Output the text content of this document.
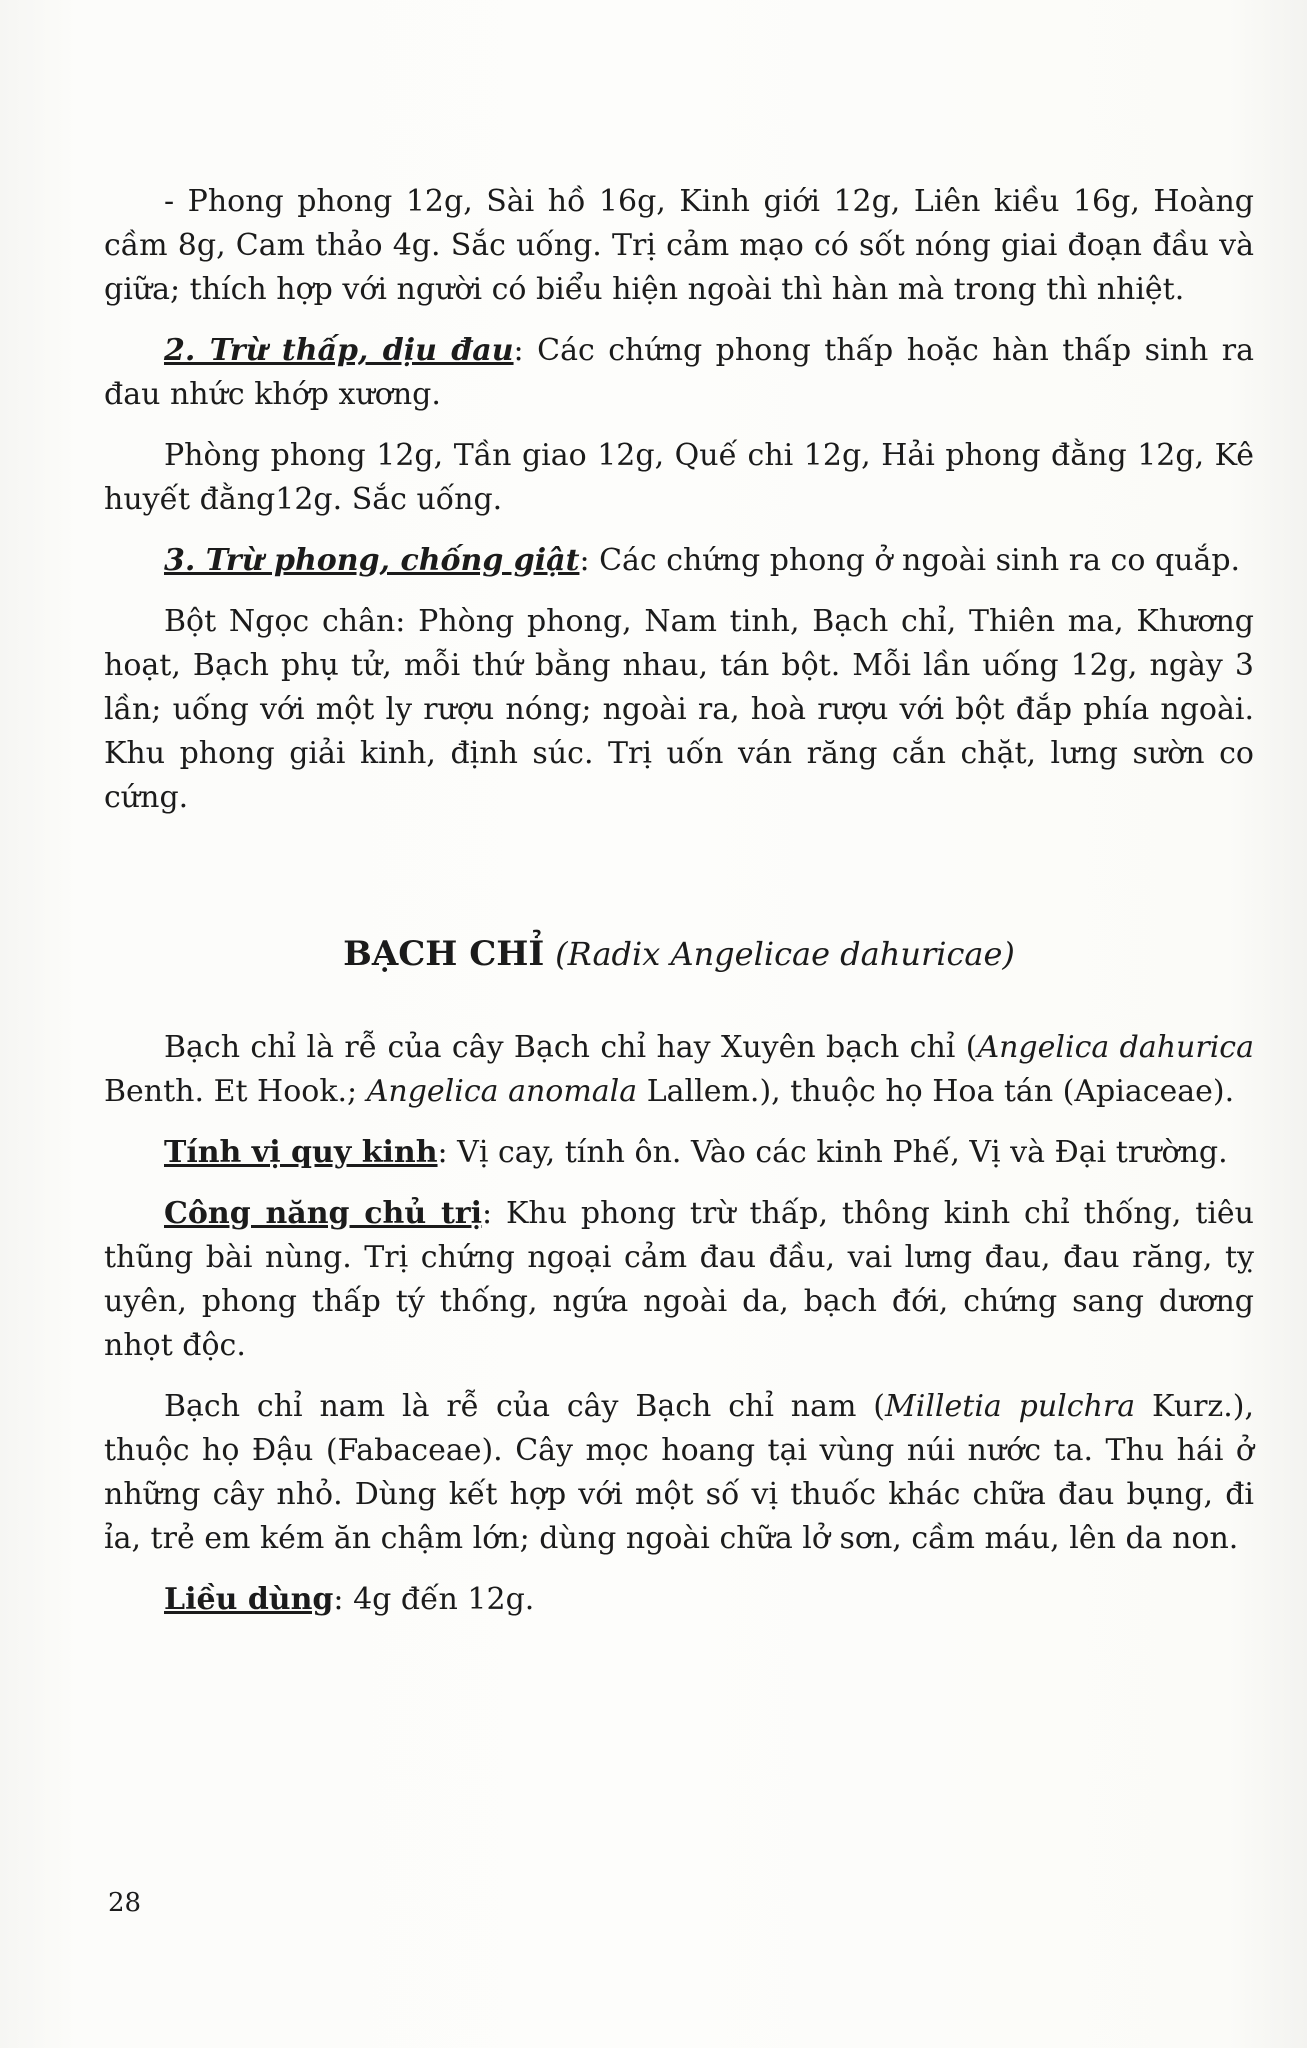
- Phong phong 12g, Sài hồ 16g, Kinh giới 12g, Liên kiều 16g, Hoàng cầm 8g, Cam thảo 4g. Sắc uống. Trị cảm mạo có sốt nóng giai đoạn đầu và giữa; thích hợp với người có biểu hiện ngoài thì hàn mà trong thì nhiệt.

2. Trừ thấp, dịu đau: Các chứng phong thấp hoặc hàn thấp sinh ra đau nhức khớp xương.

Phòng phong 12g, Tần giao 12g, Quế chi 12g, Hải phong đằng 12g, Kê huyết đằng12g. Sắc uống.

3. Trừ phong, chống giật: Các chứng phong ở ngoài sinh ra co quắp.

Bột Ngọc chân: Phòng phong, Nam tinh, Bạch chỉ, Thiên ma, Khương hoạt, Bạch phụ tử, mỗi thứ bằng nhau, tán bột. Mỗi lần uống 12g, ngày 3 lần; uống với một ly rượu nóng; ngoài ra, hoà rượu với bột đắp phía ngoài. Khu phong giải kinh, định súc. Trị uốn ván răng cắn chặt, lưng sườn co cứng.

BẠCH CHỈ (Radix Angelicae dahuricae)

Bạch chỉ là rễ của cây Bạch chỉ hay Xuyên bạch chỉ (Angelica dahurica Benth. Et Hook.; Angelica anomala Lallem.), thuộc họ Hoa tán (Apiaceae).

Tính vị quy kinh: Vị cay, tính ôn. Vào các kinh Phế, Vị và Đại trường.

Công năng chủ trị: Khu phong trừ thấp, thông kinh chỉ thống, tiêu thũng bài nùng. Trị chứng ngoại cảm đau đầu, vai lưng đau, đau răng, tỵ uyên, phong thấp tý thống, ngứa ngoài da, bạch đới, chứng sang dương nhọt độc.

Bạch chỉ nam là rễ của cây Bạch chỉ nam (Milletia pulchra Kurz.), thuộc họ Đậu (Fabaceae). Cây mọc hoang tại vùng núi nước ta. Thu hái ở những cây nhỏ. Dùng kết hợp với một số vị thuốc khác chữa đau bụng, đi ỉa, trẻ em kém ăn chậm lớn; dùng ngoài chữa lở sơn, cầm máu, lên da non.

Liều dùng: 4g đến 12g.

28
